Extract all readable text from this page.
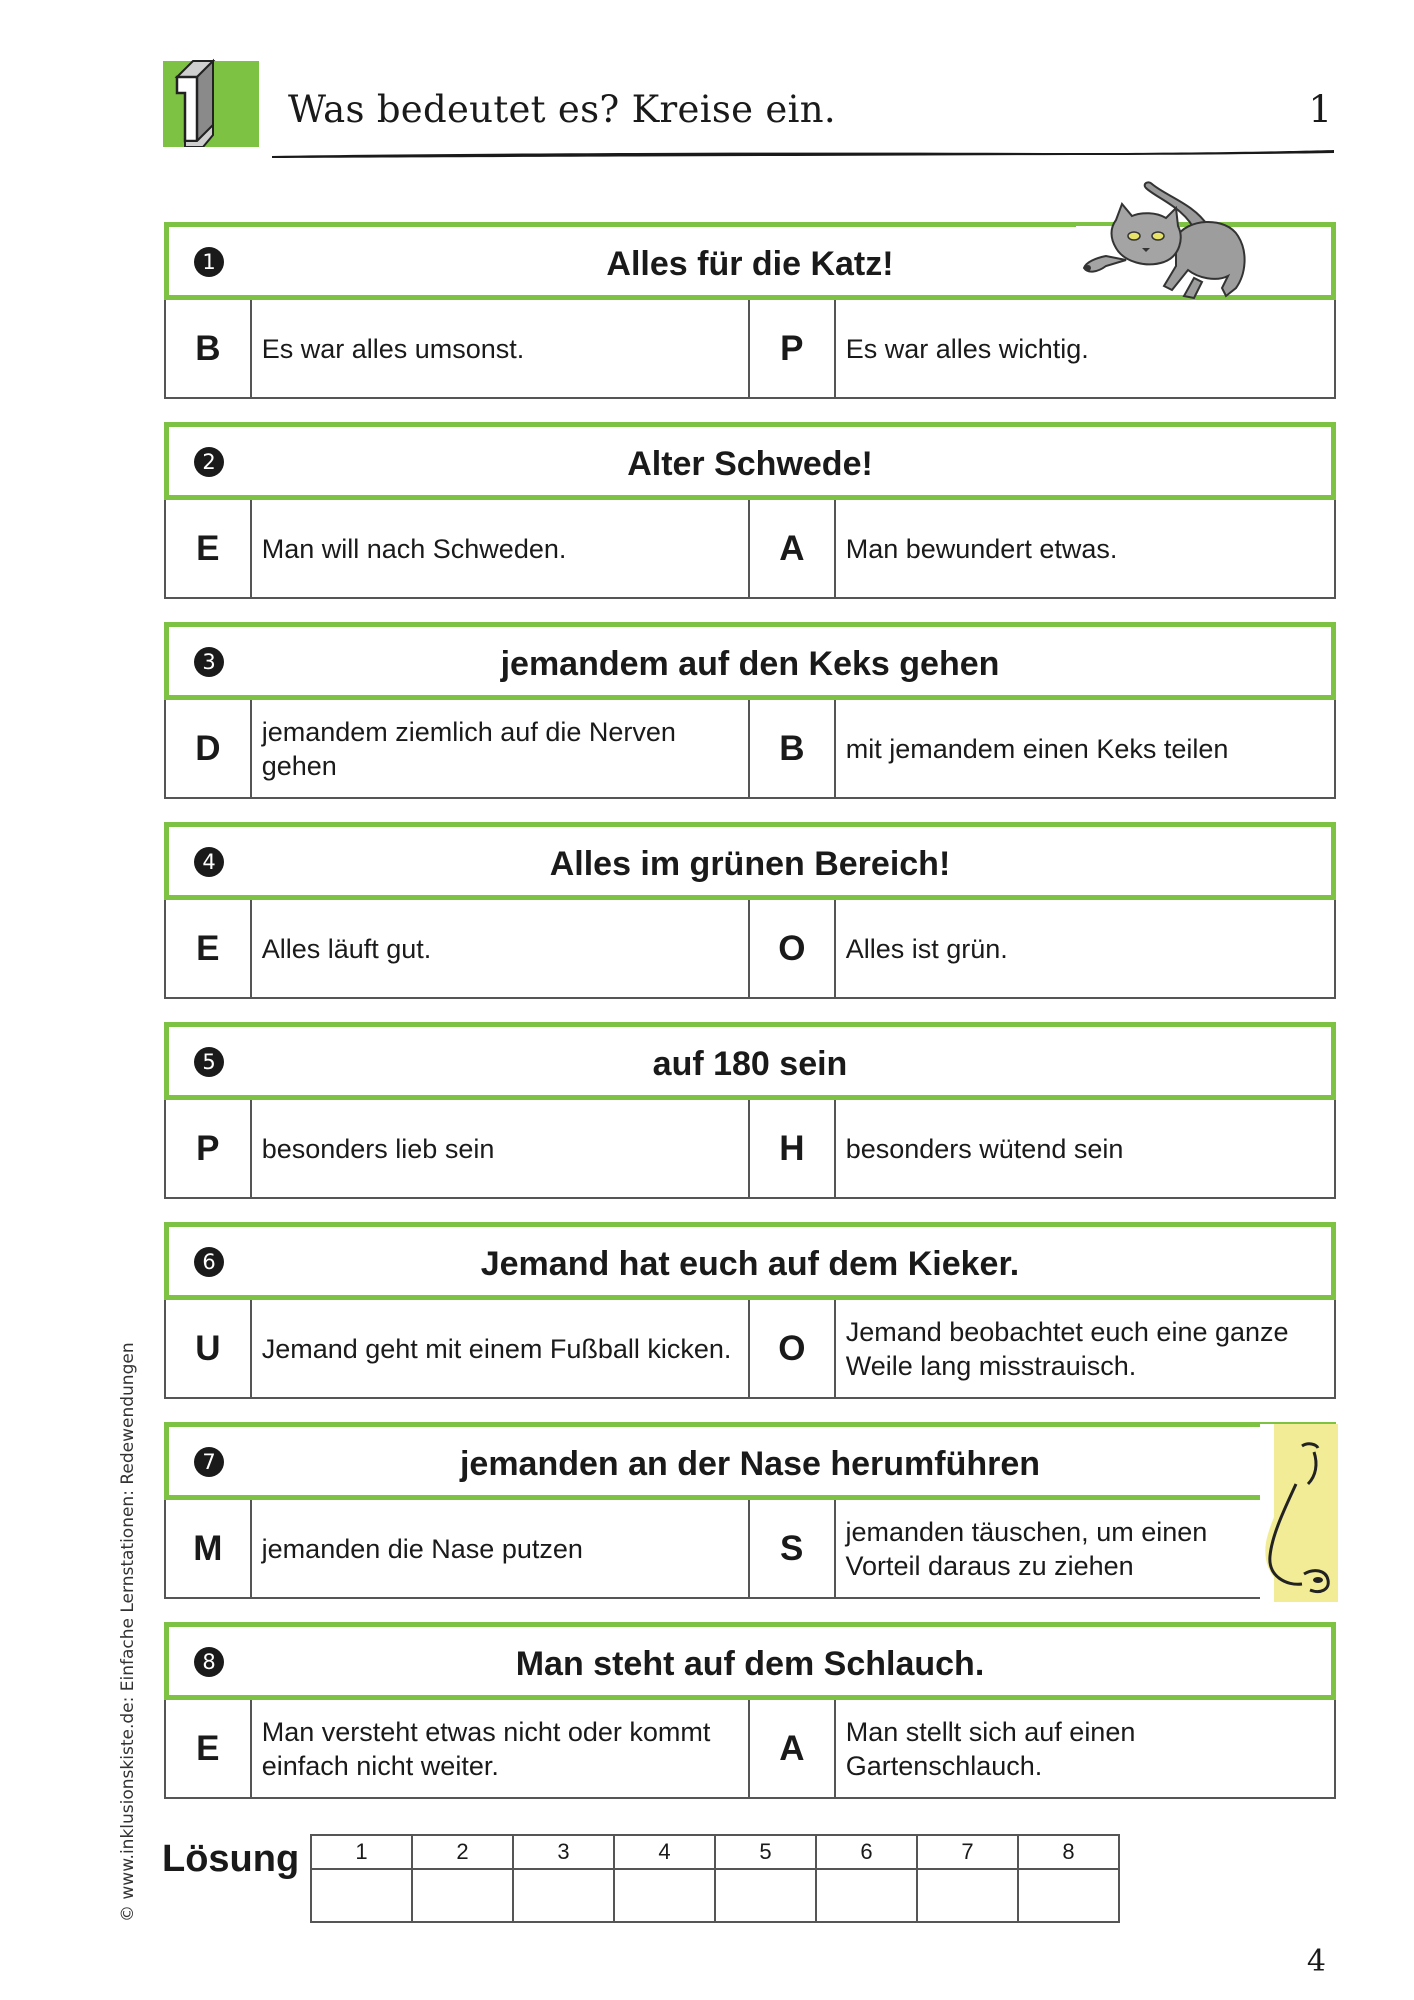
Was bedeutet es? Kreise ein.	1
1	Alles für die Katz!
B	Es war alles umsonst.	P	Es war alles wichtig.
2	Alter Schwede!
E	Man will nach Schweden.	A	Man bewundert etwas.
3	jemandem auf den Keks gehen
D	jemandem ziemlich auf die Nerven gehen	B	mit jemandem einen Keks teilen
4	Alles im grünen Bereich!
E	Alles läuft gut.	O	Alles ist grün.
5	auf 180 sein
P	besonders lieb sein	H	besonders wütend sein
6	Jemand hat euch auf dem Kieker.
U	Jemand geht mit einem Fußball kicken.	O	Jemand beobachtet euch eine ganze Weile lang misstrauisch.
7	jemanden an der Nase herumführen
M	jemanden die Nase putzen	S	jemanden täuschen, um einen Vorteil daraus zu ziehen
8	Man steht auf dem Schlauch.
E	Man versteht etwas nicht oder kommt einfach nicht weiter.	A	Man stellt sich auf einen Gartenschlauch.
Lösung	1	2	3	4	5	6	7	8

© www.inklusionskiste.de: Einfache Lernstationen: Redewendungen
4
